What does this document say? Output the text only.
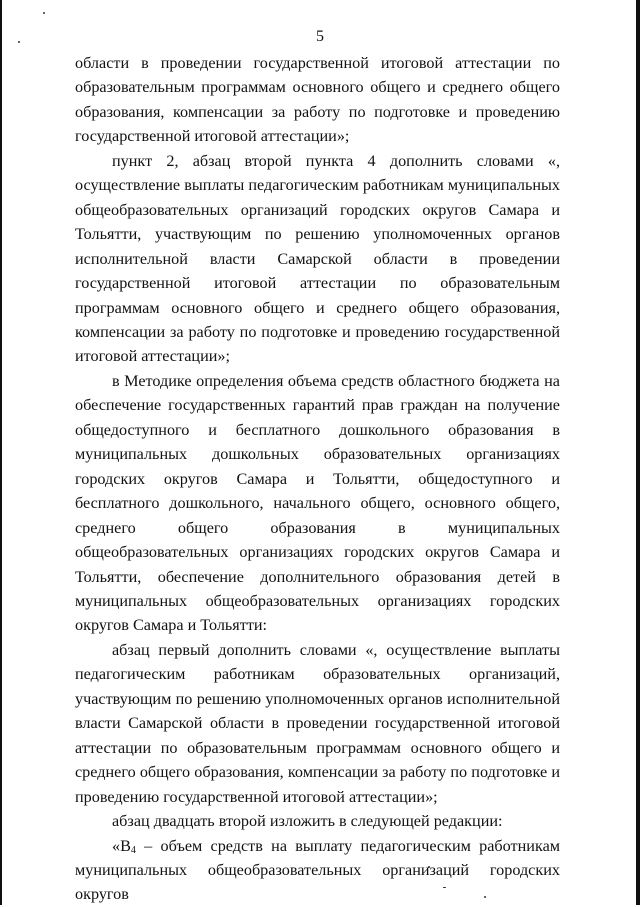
5

области в проведении государственной итоговой аттестации по образовательным программам основного общего и среднего общего образования, компенсации за работу по подготовке и проведению государственной итоговой аттестации»;

пункт 2, абзац второй пункта 4 дополнить словами «, осуществление выплаты педагогическим работникам муниципальных общеобразовательных организаций городских округов Самара и Тольятти, участвующим по решению уполномоченных органов исполнительной власти Самарской области в проведении государственной итоговой аттестации по образовательным программам основного общего и среднего общего образования, компенсации за работу по подготовке и проведению государственной итоговой аттестации»;

в Методике определения объема средств областного бюджета на обеспечение государственных гарантий прав граждан на получение общедоступного и бесплатного дошкольного образования в муниципальных дошкольных образовательных организациях городских округов Самара и Тольятти, общедоступного и бесплатного дошкольного, начального общего, основного общего, среднего общего образования в муниципальных общеобразовательных организациях городских округов Самара и Тольятти, обеспечение дополнительного образования детей в муниципальных общеобразовательных организациях городских округов Самара и Тольятти:

абзац первый дополнить словами «, осуществление выплаты педагогическим работникам образовательных организаций, участвующим по решению уполномоченных органов исполнительной власти Самарской области в проведении государственной итоговой аттестации по образовательным программам основного общего и среднего общего образования, компенсации за работу по подготовке и проведению государственной итоговой аттестации»;

абзац двадцать второй изложить в следующей редакции:

«$В_4$ – объем средств на выплату педагогическим работникам муниципальных общеобразовательных организаций городских округов
